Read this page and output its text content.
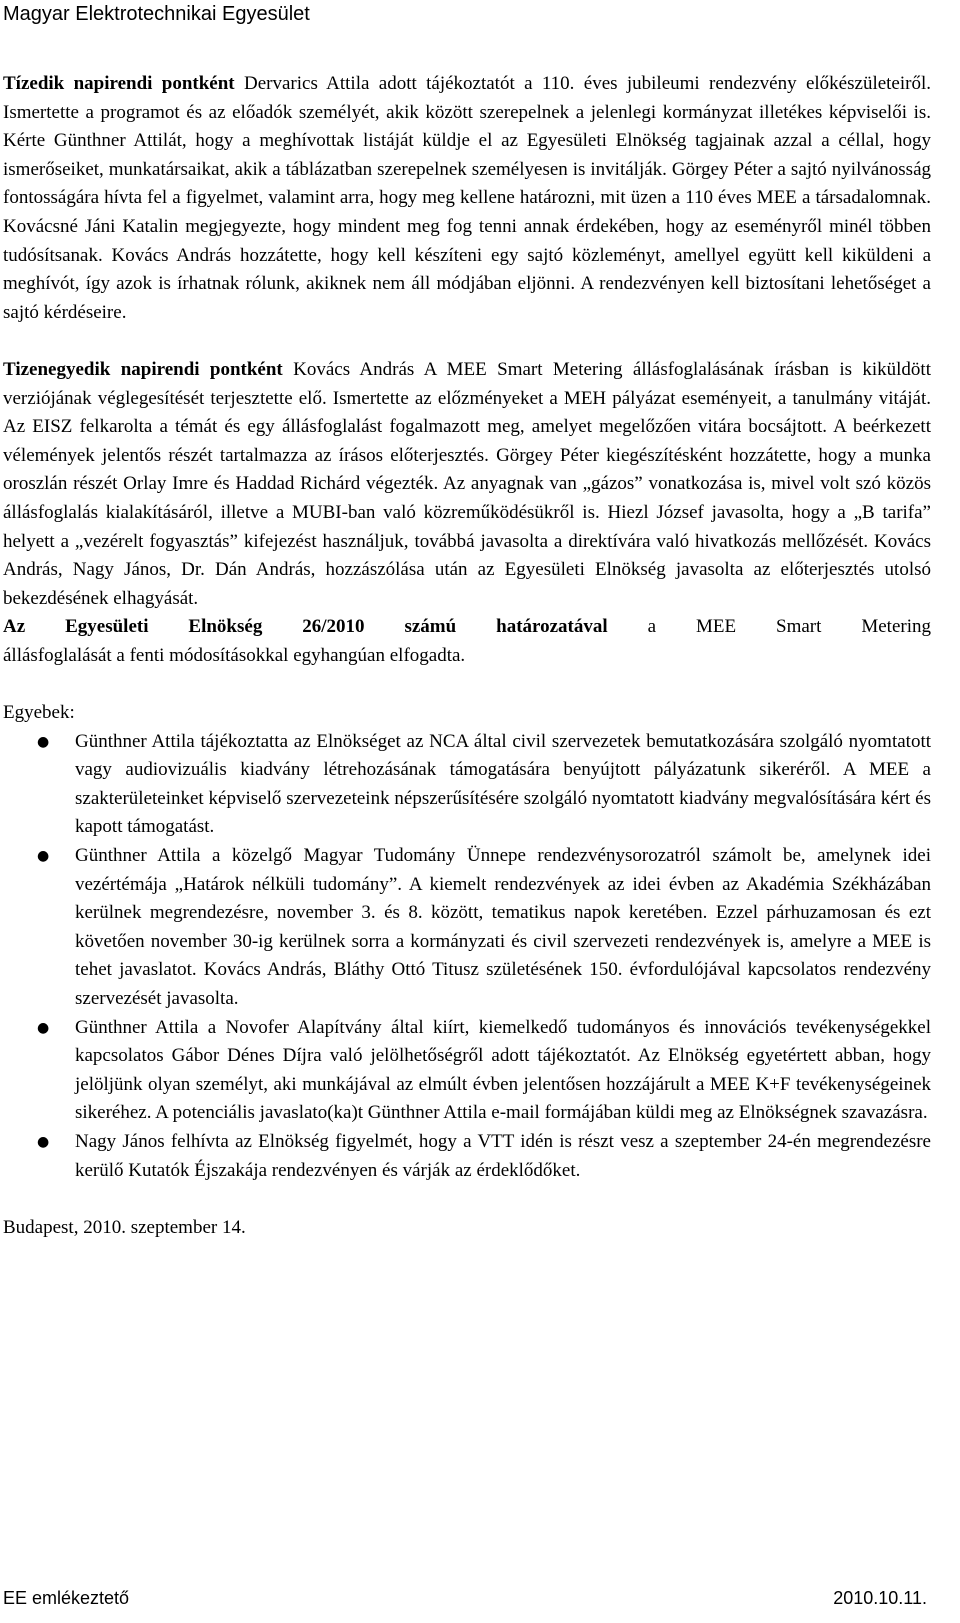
Magyar Elektrotechnikai Egyesület

Tízedik napirendi pontként Dervarics Attila adott tájékoztatót a 110. éves jubileumi rendezvény előkészületeiről. Ismertette a programot és az előadók személyét, akik között szerepelnek a jelenlegi kormányzat illetékes képviselői is. Kérte Günthner Attilát, hogy a meghívottak listáját küldje el az Egyesületi Elnökség tagjainak azzal a céllal, hogy ismerőseiket, munkatársaikat, akik a táblázatban szerepelnek személyesen is invitálják. Görgey Péter a sajtó nyilvánosság fontosságára hívta fel a figyelmet, valamint arra, hogy meg kellene határozni, mit üzen a 110 éves MEE a társadalomnak. Kovácsné Jáni Katalin megjegyezte, hogy mindent meg fog tenni annak érdekében, hogy az eseményről minél többen tudósítsanak. Kovács András hozzátette, hogy kell készíteni egy sajtó közleményt, amellyel együtt kell kiküldeni a meghívót, így azok is írhatnak rólunk, akiknek nem áll módjában eljönni. A rendezvényen kell biztosítani lehetőséget a sajtó kérdéseire.

Tizenegyedik napirendi pontként Kovács András A MEE Smart Metering állásfoglalásának írásban is kiküldött verziójának véglegesítését terjesztette elő. Ismertette az előzményeket a MEH pályázat eseményeit, a tanulmány vitáját. Az EISZ felkarolta a témát és egy állásfoglalást fogalmazott meg, amelyet megelőzően vitára bocsájtott. A beérkezett vélemények jelentős részét tartalmazza az írásos előterjesztés. Görgey Péter kiegészítésként hozzátette, hogy a munka oroszlán részét Orlay Imre és Haddad Richárd végezték. Az anyagnak van „gázos” vonatkozása is, mivel volt szó közös állásfoglalás kialakításáról, illetve a MUBI-ban való közreműködésükről is. Hiezl József javasolta, hogy a „B tarifa” helyett a „vezérelt fogyasztás” kifejezést használjuk, továbbá javasolta a direktívára való hivatkozás mellőzését. Kovács András, Nagy János, Dr. Dán András, hozzászólása után az Egyesületi Elnökség javasolta az előterjesztés utolsó bekezdésének elhagyását.

Az Egyesületi Elnökség 26/2010 számú határozatával a MEE Smart Metering

állásfoglalását a fenti módosításokkal egyhangúan elfogadta.

Egyebek:

● Günthner Attila tájékoztatta az Elnökséget az NCA által civil szervezetek bemutatkozására szolgáló nyomtatott vagy audiovizuális kiadvány létrehozásának támogatására benyújtott pályázatunk sikeréről. A MEE a szakterületeinket képviselő szervezeteink népszerűsítésére szolgáló nyomtatott kiadvány megvalósítására kért és kapott támogatást.
● Günthner Attila a közelgő Magyar Tudomány Ünnepe rendezvénysorozatról számolt be, amelynek idei vezértémája „Határok nélküli tudomány”. A kiemelt rendezvények az idei évben az Akadémia Székházában kerülnek megrendezésre, november 3. és 8. között, tematikus napok keretében. Ezzel párhuzamosan és ezt követően november 30-ig kerülnek sorra a kormányzati és civil szervezeti rendezvények is, amelyre a MEE is tehet javaslatot. Kovács András, Bláthy Ottó Titusz születésének 150. évfordulójával kapcsolatos rendezvény szervezését javasolta.
● Günthner Attila a Novofer Alapítvány által kiírt, kiemelkedő tudományos és innovációs tevékenységekkel kapcsolatos Gábor Dénes Díjra való jelölhetőségről adott tájékoztatót. Az Elnökség egyetértett abban, hogy jelöljünk olyan személyt, aki munkájával az elmúlt évben jelentősen hozzájárult a MEE K+F tevékenységeinek sikeréhez. A potenciális javaslato(ka)t Günthner Attila e-mail formájában küldi meg az Elnökségnek szavazásra.
● Nagy János felhívta az Elnökség figyelmét, hogy a VTT idén is részt vesz a szeptember 24-én megrendezésre kerülő Kutatók Éjszakája rendezvényen és várják az érdeklődőket.

Budapest, 2010. szeptember 14.

EE emlékeztető	2010.10.11.
